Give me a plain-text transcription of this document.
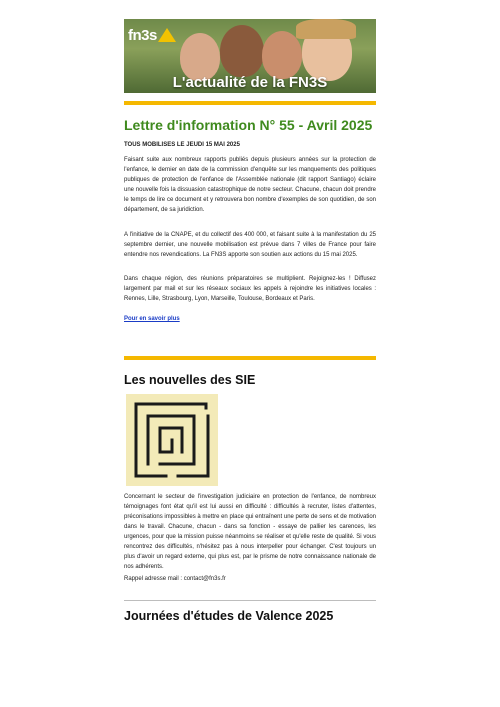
fn3s
L'actualité de la FN3S
Lettre d'information N° 55 - Avril 2025

TOUS MOBILISES LE JEUDI 15 MAI 2025

Faisant suite aux nombreux rapports publiés depuis plusieurs années sur la protection de l'enfance, le dernier en date de la commission d'enquête sur les manquements des politiques publiques de protection de l'enfance de l'Assemblée nationale (dit rapport Santiago) éclaire une nouvelle fois la dissuasion catastrophique de notre secteur. Chacune, chacun doit prendre le temps de lire ce document et y retrouvera bon nombre d'exemples de son quotidien, de son département, de sa juridiction.

A l'initiative de la CNAPE, et du collectif des 400 000, et faisant suite à la manifestation du 25 septembre dernier, une nouvelle mobilisation est prévue dans 7 villes de France pour faire entendre nos revendications. La FN3S apporte son soutien aux actions du 15 mai 2025.

Dans chaque région, des réunions préparatoires se multiplient. Rejoignez-les ! Diffusez largement par mail et sur les réseaux sociaux les appels à rejoindre les initiatives locales : Rennes, Lille, Strasbourg, Lyon, Marseille, Toulouse, Bordeaux et Paris.

Pour en savoir plus
Les nouvelles des SIE

Concernant le secteur de l'investigation judiciaire en protection de l'enfance, de nombreux témoignages font état qu'il est lui aussi en difficulté : difficultés à recruter, listes d'attentes, préconisations impossibles à mettre en place qui entraînent une perte de sens et de motivation dans le travail. Chacune, chacun - dans sa fonction - essaye de pallier les carences, les urgences, pour que la mission puisse néanmoins se réaliser et qu'elle reste de qualité. Si vous rencontrez des difficultés, n'hésitez pas à nous interpeller pour échanger. C'est toujours un plus d'avoir un regard externe, qui plus est, par le prisme de notre connaissance nationale de nos adhérents.

Rappel adresse mail : contact@fn3s.fr

Journées d'études de Valence 2025
